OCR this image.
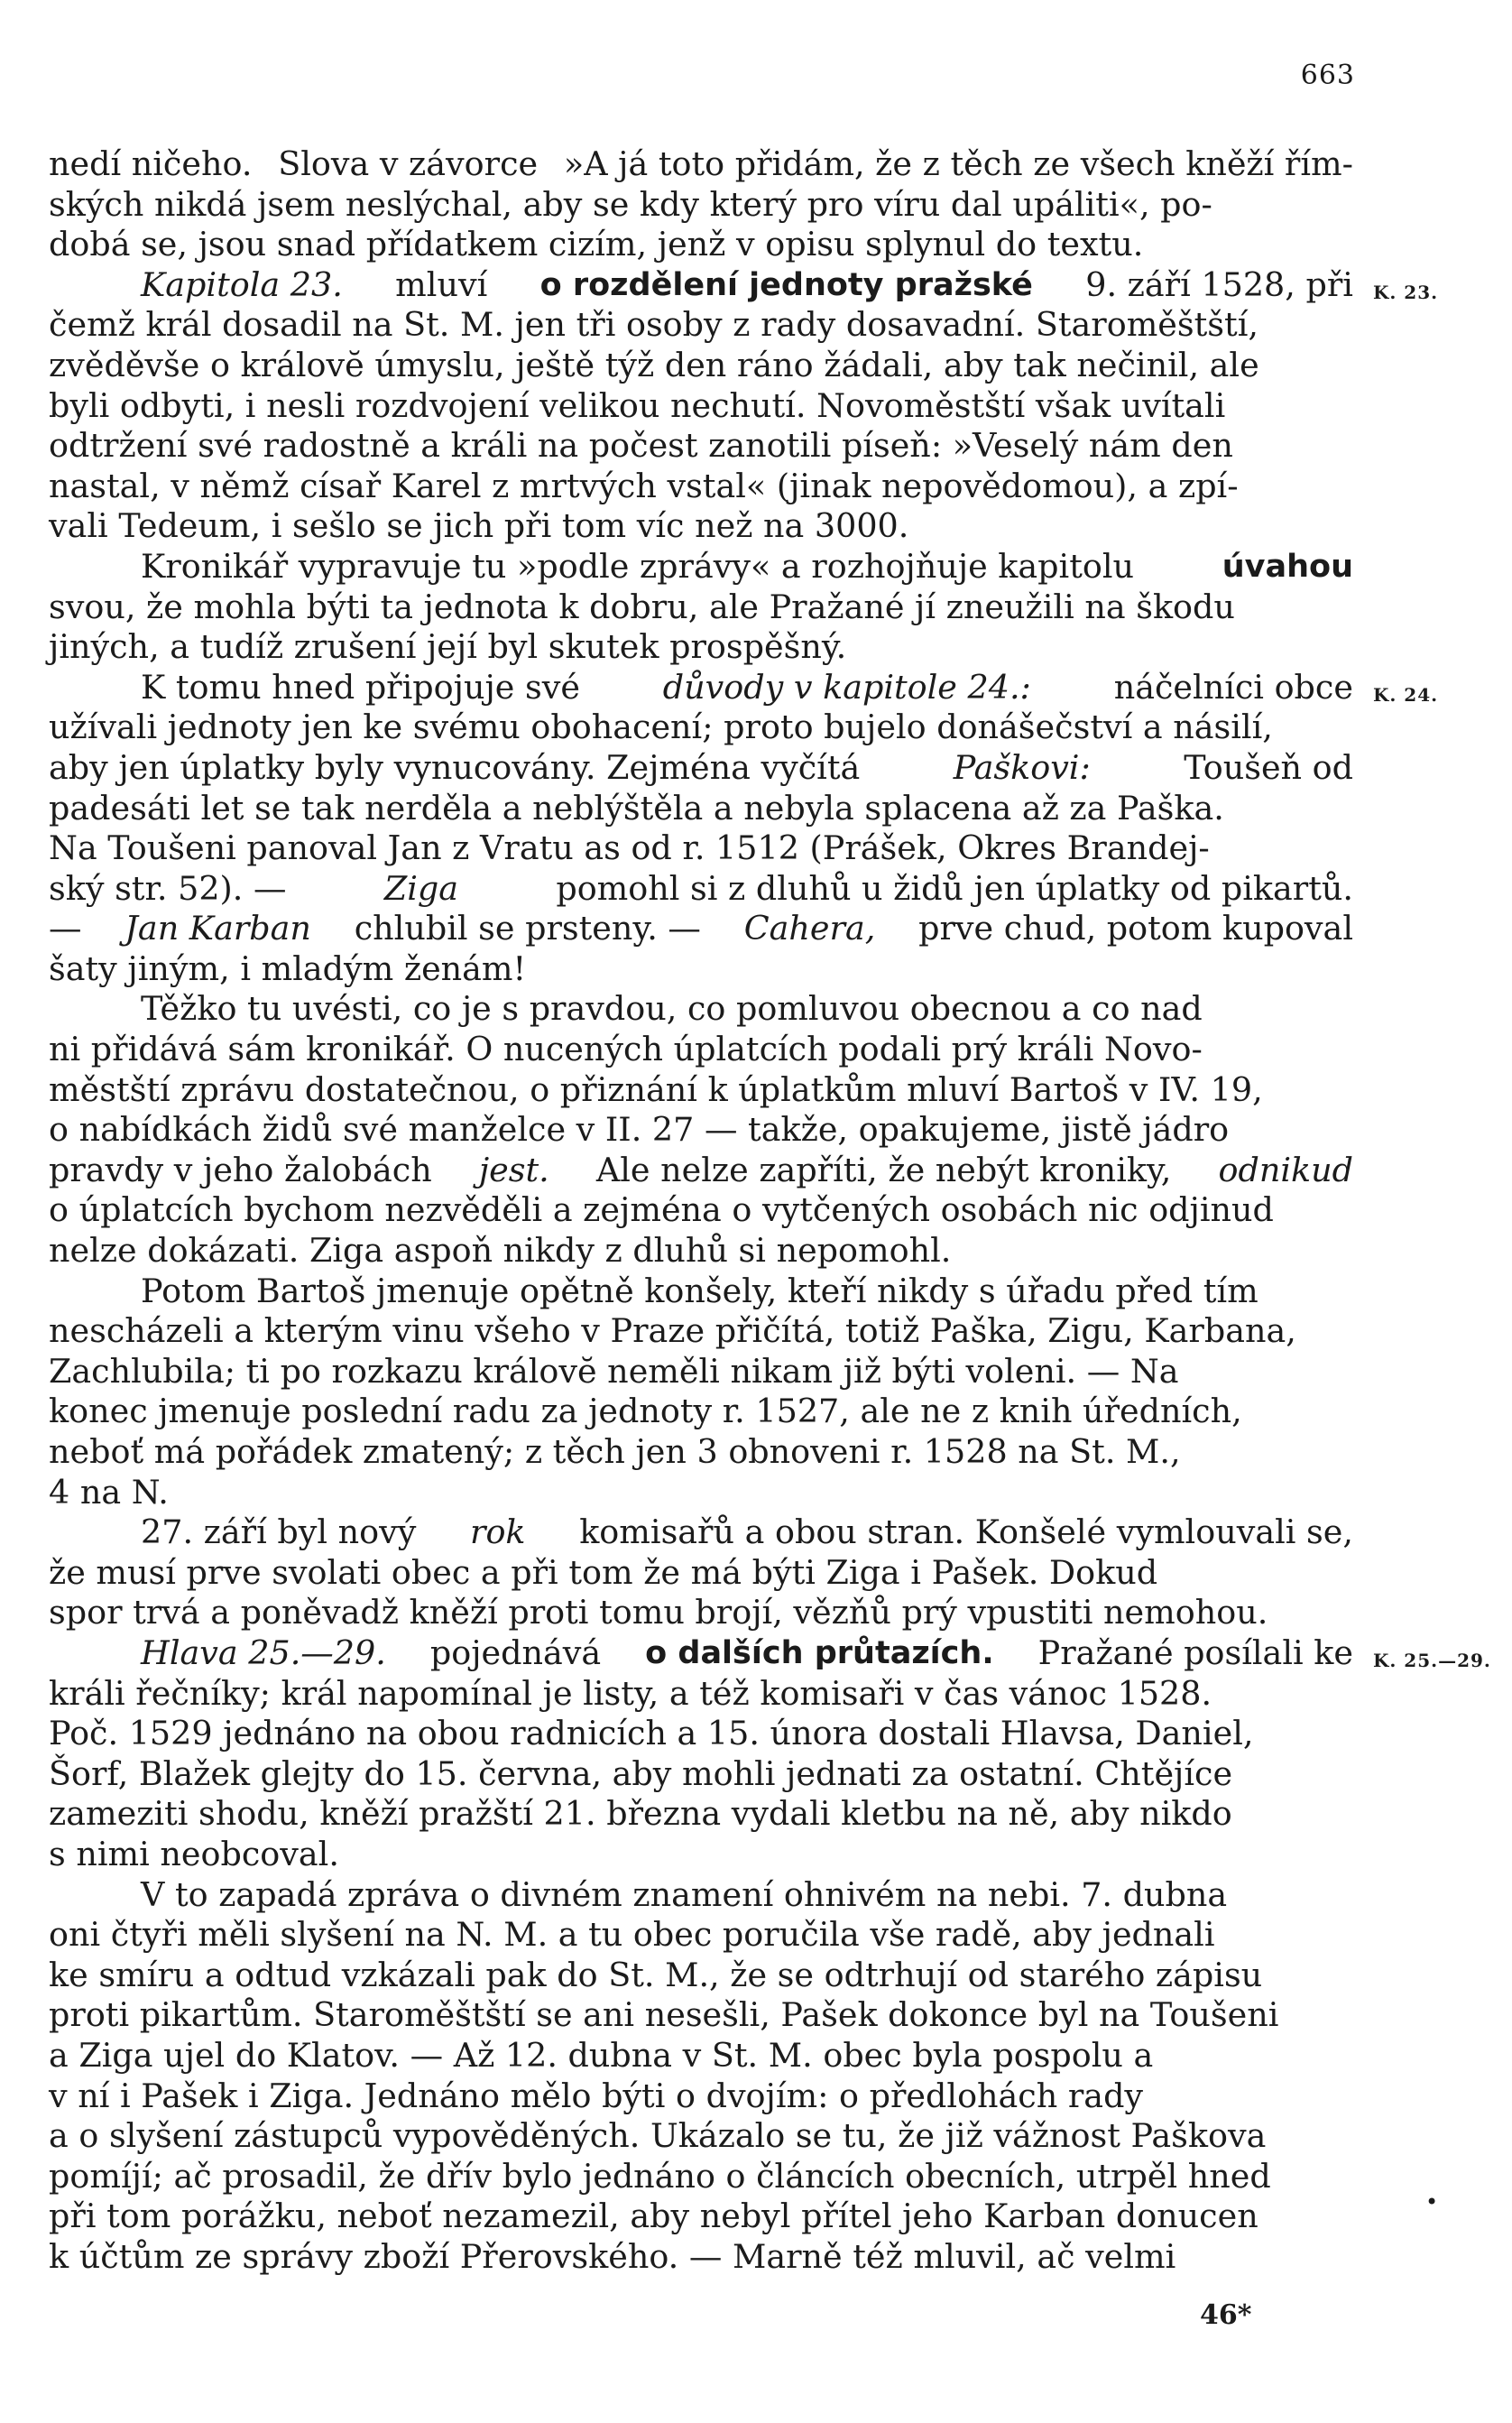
663
nedí ničeho. Slova v závorce »A já toto přidám, že z těch ze všech kněží řím-
ských nikdá jsem neslýchal, aby se kdy který pro víru dal upáliti«, po-
dobá se, jsou snad přídatkem cizím, jenž v opisu splynul do textu.
Kapitola 23. mluví o rozdělení jednoty pražské 9. září 1528, při K. 23.
čemž král dosadil na St. M. jen tři osoby z rady dosavadní. Staroměštští,
zvěděvše o královĕ úmyslu, ještě týž den ráno žádali, aby tak nečinil, ale
byli odbyti, i nesli rozdvojení velikou nechutí. Novoměstští však uvítali
odtržení své radostně a králi na počest zanotili píseň: »Veselý nám den
nastal, v němž císař Karel z mrtvých vstal« (jinak nepovědomou), a zpí-
vali Tedeum, i sešlo se jich při tom víc než na 3000.
Kronikář vypravuje tu »podle zprávy« a rozhojňuje kapitolu	úvahou
svou, že mohla býti ta jednota k dobru, ale Pražané jí zneužili na škodu
jiných, a tudíž zrušení její byl skutek prospěšný.
K tomu hned připojuje své	důvody v kapitole 24.:	náčelníci obce K. 24.
užívali jednoty jen ke svému obohacení; proto bujelo donášečství a násilí,
aby jen úplatky byly vynucovány. Zejména vyčítá	Paškovi:	Toušeň od
padesáti let se tak nerděla a neblýštěla a nebyla splacena až za Paška.
Na Toušeni panoval Jan z Vratu as od r. 1512 (Prášek, Okres Brandej-
ský str. 52). —	Ziga	pomohl si z dluhů u židů jen úplatky od pikartů.
— Jan Karban chlubil se prsteny. — Cahera, prve chud, potom kupoval
šaty jiným, i mladým ženám!
Těžko tu uvésti, co je s pravdou, co pomluvou obecnou a co nad
ni přidává sám kronikář. O nucených úplatcích podali prý králi Novo-
městští zprávu dostatečnou, o přiznání k úplatkům mluví Bartoš v IV. 19,
o nabídkách židů své manželce v II. 27 — takže, opakujeme, jistě jádro
pravdy v jeho žalobách jest. Ale nelze zapříti, že nebýt kroniky, odnikud
o úplatcích bychom nezvěděli a zejména o vytčených osobách nic odjinud
nelze dokázati. Ziga aspoň nikdy z dluhů si nepomohl.
Potom Bartoš jmenuje opětně konšely, kteří nikdy s úřadu před tím
nescházeli a kterým vinu všeho v Praze přičítá, totiž Paška, Zigu, Karbana,
Zachlubila; ti po rozkazu královĕ neměli nikam již býti voleni. — Na
konec jmenuje poslední radu za jednoty r. 1527, ale ne z knih úředních,
neboť má pořádek zmatený; z těch jen 3 obnoveni r. 1528 na St. M.,
4 na N.
27. září byl nový rok komisařů a obou stran. Konšelé vymlouvali se,
že musí prve svolati obec a při tom že má býti Ziga i Pašek. Dokud
spor trvá a poněvadž kněží proti tomu brojí, vězňů prý vpustiti nemohou.
Hlava 25.—29. pojednává o dalších průtazích. Pražané posílali ke K. 25.—29.
králi řečníky; král napomínal je listy, a též komisaři v čas vánoc 1528.
Poč. 1529 jednáno na obou radnicích a 15. února dostali Hlavsa, Daniel,
Šorf, Blažek glejty do 15. června, aby mohli jednati za ostatní. Chtějíce
zameziti shodu, kněží pražští 21. března vydali kletbu na ně, aby nikdo
s nimi neobcoval.
V to zapadá zpráva o divném znamení ohnivém na nebi. 7. dubna
oni čtyři měli slyšení na N. M. a tu obec poručila vše radě, aby jednali
ke smíru a odtud vzkázali pak do St. M., že se odtrhují od starého zápisu
proti pikartům. Staroměštští se ani nesešli, Pašek dokonce byl na Toušeni
a Ziga ujel do Klatov. — Až 12. dubna v St. M. obec byla pospolu a
v ní i Pašek i Ziga. Jednáno mělo býti o dvojím: o předlohách rady
a o slyšení zástupců vypověděných. Ukázalo se tu, že již vážnost Paškova
pomíjí; ač prosadil, že dřív bylo jednáno o článcích obecních, utrpěl hned
při tom porážku, neboť nezamezil, aby nebyl přítel jeho Karban donucen
k účtům ze správy zboží Přerovského. — Marně též mluvil, ač velmi
•
46*
